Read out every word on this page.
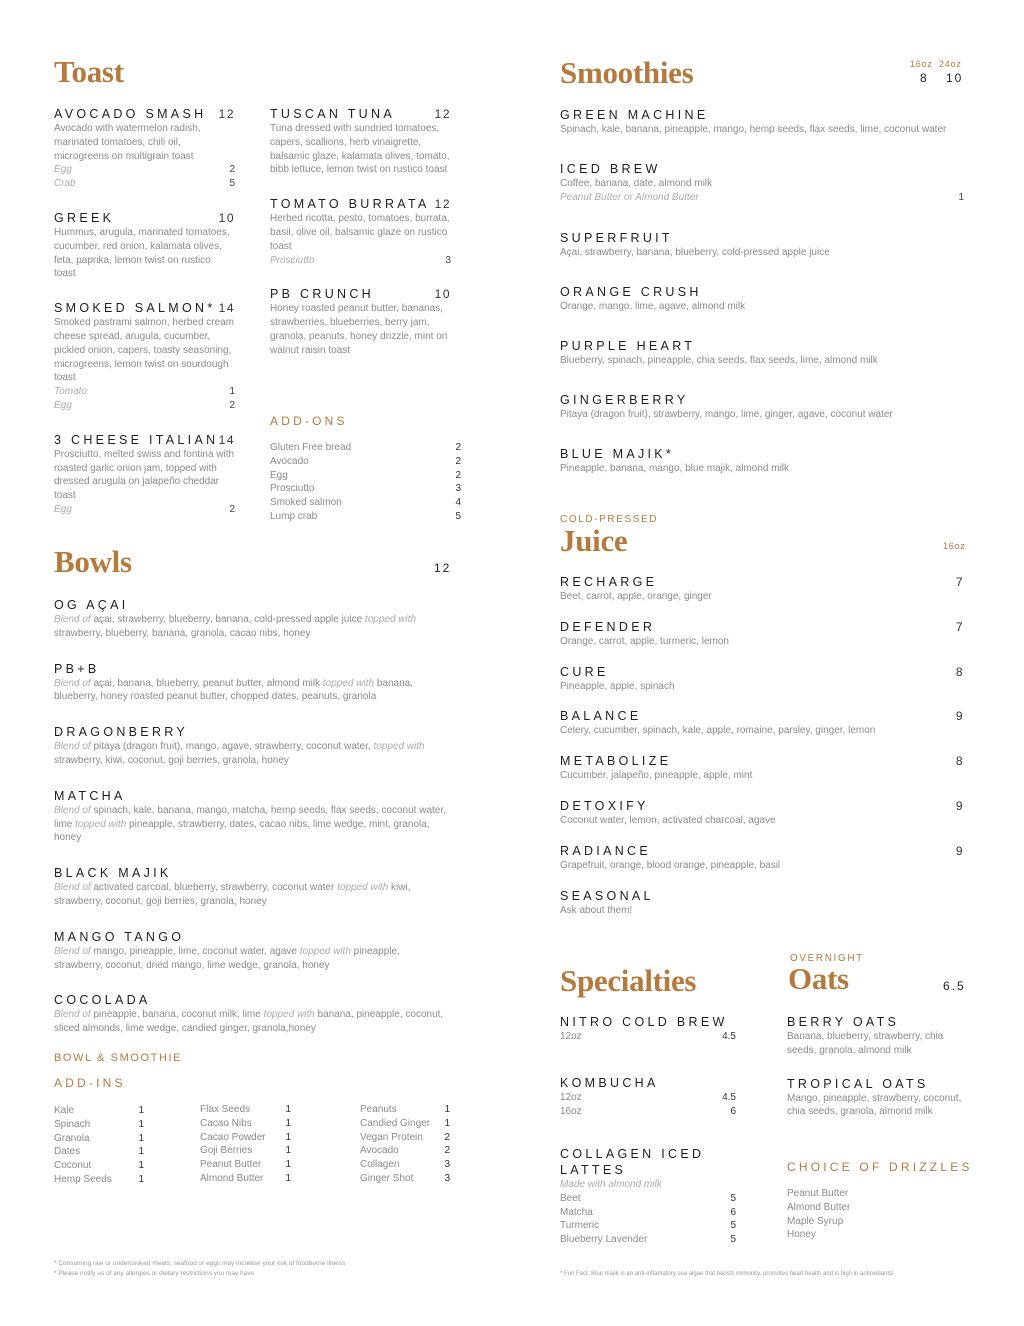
Toast
AVOCADO SMASH 12
Avocado with watermelon radish, marinated tomatoes, chili oil, microgreens on multigrain toast
Egg	2
Crab	5
GREEK	10
Hummus, arugula, marinated tomatoes, cucumber, red onion, kalamata olives, feta, paprika, lemon twist on rustico toast
SMOKED SALMON* 14
Smoked pastrami salmon, herbed cream cheese spread, arugula, cucumber, pickled onion, capers, toasty seasoning, microgreens, lemon twist on sourdough toast
Tomato	1
Egg	2
3 CHEESE ITALIAN 14
Prosciutto, melted swiss and fontina with roasted garlic onion jam, topped with dressed arugula on jalapeño cheddar toast
Egg	2
TUSCAN TUNA	12
Tuna dressed with sundried tomatoes, capers, scallions, herb vinaigrette, balsamic glaze, kalamata olives, tomato, bibb lettuce, lemon twist on rustico toast
TOMATO BURRATA 12
Herbed ricotta, pesto, tomatoes, burrata, basil, olive oil, balsamic glaze on rustico toast
Prosciutto	3
PB CRUNCH	10
Honey roasted peanut butter, bananas, strawberries, blueberries, berry jam, granola, peanuts, honey drizzle, mint on walnut raisin toast
ADD-ONS
Gluten Free bread	2
Avocado	2
Egg	2
Prosciutto	3
Smoked salmon	4
Lump crab	5
Bowls	12
OG AÇAI
Blend of açai, strawberry, blueberry, banana, cold-pressed apple juice topped with strawberry, blueberry, banana, granola, cacao nibs, honey
PB+B
Blend of açai, banana, blueberry, peanut butter, almond milk topped with banana, blueberry, honey roasted peanut butter, chopped dates, peanuts, granola
DRAGONBERRY
Blend of pitaya (dragon fruit), mango, agave, strawberry, coconut water, topped with strawberry, kiwi, coconut, goji berries, granola, honey
MATCHA
Blend of spinach, kale, banana, mango, matcha, hemp seeds, flax seeds, coconut water, lime topped with pineapple, strawberry, dates, cacao nibs, lime wedge, mint, granola, honey
BLACK MAJIK
Blend of activated carcoal, blueberry, strawberry, coconut water topped with kiwi, strawberry, coconut, goji berries, granola, honey
MANGO TANGO
Blend of mango, pineapple, lime, coconut water, agave topped with pineapple, strawberry, coconut, dried mango, lime wedge, granola, honey
COCOLADA
Blend of pineapple, banana, coconut milk, lime topped with banana, pineapple, coconut, sliced almonds, lime wedge, candied ginger, granola,honey
BOWL & SMOOTHIE
ADD-INS
Kale	1
Spinach	1
Granola	1
Dates	1
Coconut	1
Hemp Seeds	1
Flax Seeds	1
Cacao Nibs	1
Cacao Powder 1
Goji Berries	1
Peanut Butter 1
Almond Butter 1
Peanuts	1
Candied Ginger 1
Vegan Protein 2
Avocado	2
Collagen	3
Ginger Shot	3
* Consuming raw or undercooked meats, seafood or eggs may increase your risk of foodborne illness
* Please notify us of any allergies or dietary restrictions you may have
Smoothies	16oz 24oz
8 10
GREEN MACHINE
Spinach, kale, banana, pineapple, mango, hemp seeds, flax seeds, lime, coconut water
ICED BREW
Coffee, banana, date, almond milk
Peanut Butter or Almond Butter	1
SUPERFRUIT
Açai, strawberry, banana, blueberry, cold-pressed apple juice
ORANGE CRUSH
Orange, mango, lime, agave, almond milk
PURPLE HEART
Blueberry, spinach, pineapple, chia seeds, flax seeds, lime, almond milk
GINGERBERRY
Pitaya (dragon fruit), strawberry, mango, lime, ginger, agave, coconut water
BLUE MAJIK*
Pineapple, banana, mango, blue majik, almond milk
COLD-PRESSED
Juice	16oz
RECHARGE	7
Beet, carrot, apple, orange, ginger
DEFENDER	7
Orange, carrot, apple, turmeric, lemon
CURE	8
Pineapple, apple, spinach
BALANCE	9
Celery, cucumber, spinach, kale, apple, romaine, parsley, ginger, lemon
METABOLIZE	8
Cucumber, jalapeño, pineapple, apple, mint
DETOXIFY	9
Coconut water, lemon, activated charcoal, agave
RADIANCE	9
Grapefruit, orange, blood orange, pineapple, basil
SEASONAL
Ask about them!
Specialties
NITRO COLD BREW
12oz	4.5
KOMBUCHA
12oz	4.5
16oz	6
COLLAGEN ICED LATTES
Made with almond milk
Beet	5
Matcha	6
Turmeric	5
Blueberry Lavender	5
OVERNIGHT
Oats	6.5
BERRY OATS
Banana, blueberry, strawberry, chia seeds, granola, almond milk
TROPICAL OATS
Mango, pineapple, strawberry, coconut, chia seeds, granola, almond milk
CHOICE OF DRIZZLES
Peanut Butter
Almond Butter
Maple Syrup
Honey
* Fun Fact: Blue majik is an anti-inflamatory sea algae that boosts immunity, promotes heart health and is high in antioxidants!
